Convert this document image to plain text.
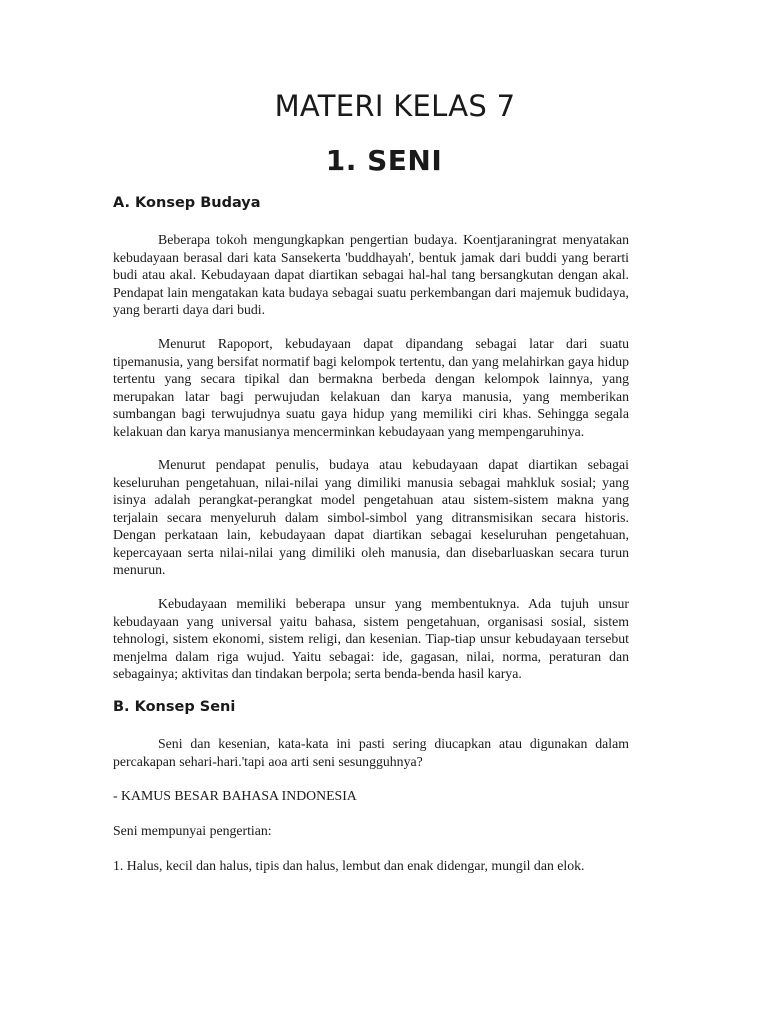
MATERI KELAS 7
1. SENI
A. Konsep Budaya

Beberapa tokoh mengungkapkan pengertian budaya. Koentjaraningrat menyatakan kebudayaan berasal dari kata Sansekerta 'buddhayah', bentuk jamak dari buddi yang berarti budi atau akal. Kebudayaan dapat diartikan sebagai hal-hal tang bersangkutan dengan akal. Pendapat lain mengatakan kata budaya sebagai suatu perkembangan dari majemuk budidaya, yang berarti daya dari budi.

Menurut Rapoport, kebudayaan dapat dipandang sebagai latar dari suatu tipemanusia, yang bersifat normatif bagi kelompok tertentu, dan yang melahirkan gaya hidup tertentu yang secara tipikal dan bermakna berbeda dengan kelompok lainnya, yang merupakan latar bagi perwujudan kelakuan dan karya manusia, yang memberikan sumbangan bagi terwujudnya suatu gaya hidup yang memiliki ciri khas. Sehingga segala kelakuan dan karya manusianya mencerminkan kebudayaan yang mempengaruhinya.

Menurut pendapat penulis, budaya atau kebudayaan dapat diartikan sebagai keseluruhan pengetahuan, nilai-nilai yang dimiliki manusia sebagai mahkluk sosial; yang isinya adalah perangkat-perangkat model pengetahuan atau sistem-sistem makna yang terjalain secara menyeluruh dalam simbol-simbol yang ditransmisikan secara historis. Dengan perkataan lain, kebudayaan dapat diartikan sebagai keseluruhan pengetahuan, kepercayaan serta nilai-nilai yang dimiliki oleh manusia, dan disebarluaskan secara turun menurun.

Kebudayaan memiliki beberapa unsur yang membentuknya. Ada tujuh unsur kebudayaan yang universal yaitu bahasa, sistem pengetahuan, organisasi sosial, sistem tehnologi, sistem ekonomi, sistem religi, dan kesenian. Tiap-tiap unsur kebudayaan tersebut menjelma dalam riga wujud. Yaitu sebagai: ide, gagasan, nilai, norma, peraturan dan sebagainya; aktivitas dan tindakan berpola; serta benda-benda hasil karya.

B. Konsep Seni

Seni dan kesenian, kata-kata ini pasti sering diucapkan atau digunakan dalam percakapan sehari-hari.'tapi aoa arti seni sesungguhnya?

- KAMUS BESAR BAHASA INDONESIA

Seni mempunyai pengertian:

1. Halus, kecil dan halus, tipis dan halus, lembut dan enak didengar, mungil dan elok.
